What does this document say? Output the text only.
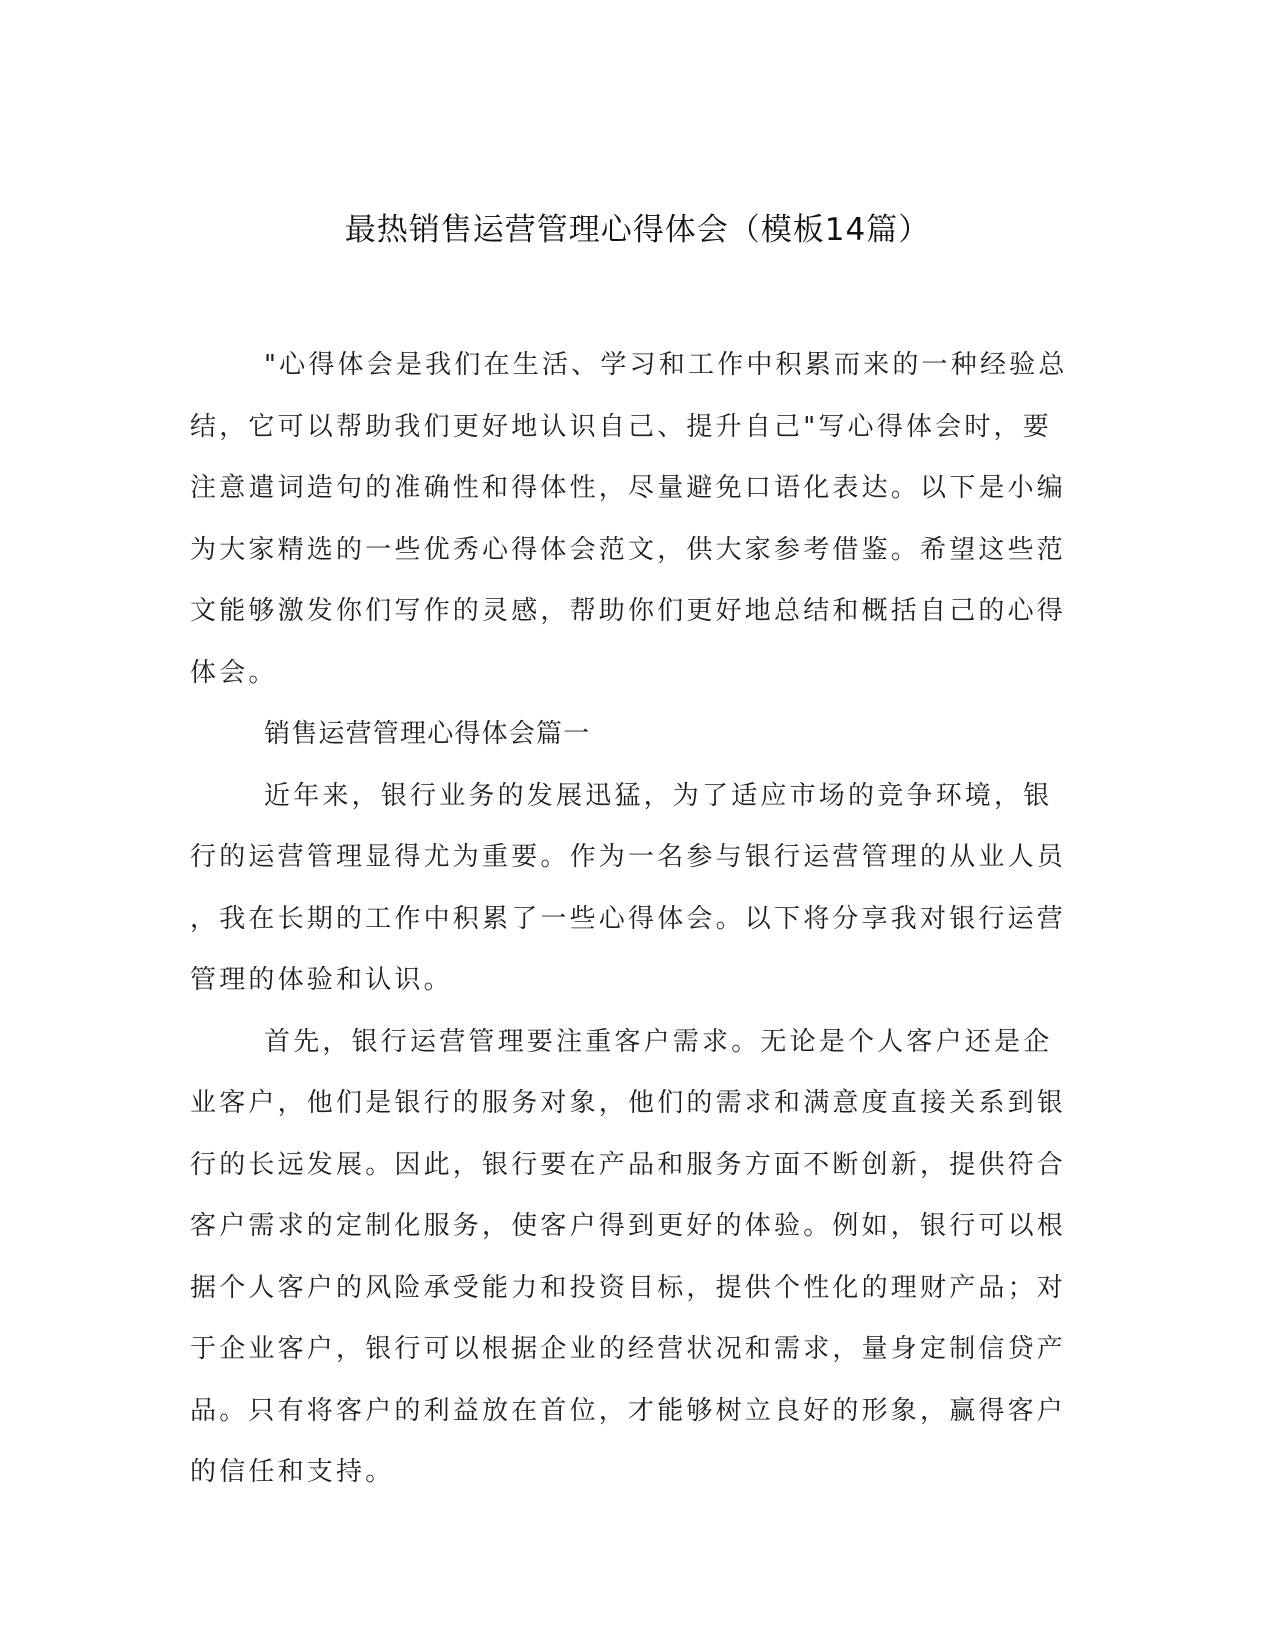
最热销售运营管理心得体会（模板14篇）

"心得体会是我们在生活、学习和工作中积累而来的一种经验总结，它可以帮助我们更好地认识自己、提升自己"写心得体会时，要注意遣词造句的准确性和得体性，尽量避免口语化表达。以下是小编为大家精选的一些优秀心得体会范文，供大家参考借鉴。希望这些范文能够激发你们写作的灵感，帮助你们更好地总结和概括自己的心得体会。

销售运营管理心得体会篇一

近年来，银行业务的发展迅猛，为了适应市场的竞争环境，银行的运营管理显得尤为重要。作为一名参与银行运营管理的从业人员，我在长期的工作中积累了一些心得体会。以下将分享我对银行运营管理的体验和认识。

首先，银行运营管理要注重客户需求。无论是个人客户还是企业客户，他们是银行的服务对象，他们的需求和满意度直接关系到银行的长远发展。因此，银行要在产品和服务方面不断创新，提供符合客户需求的定制化服务，使客户得到更好的体验。例如，银行可以根据个人客户的风险承受能力和投资目标，提供个性化的理财产品；对于企业客户，银行可以根据企业的经营状况和需求，量身定制信贷产品。只有将客户的利益放在首位，才能够树立良好的形象，赢得客户的信任和支持。
